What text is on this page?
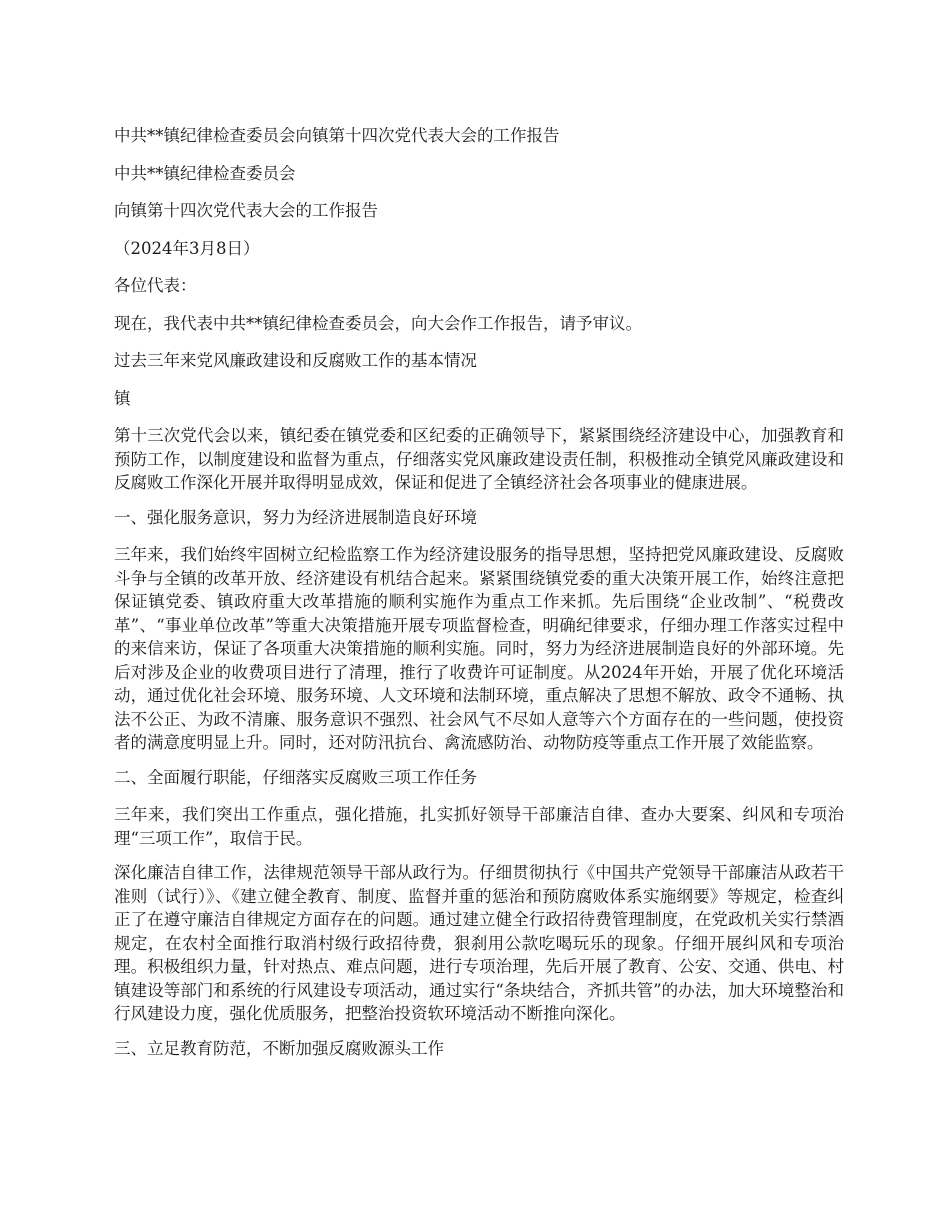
中共**镇纪律检查委员会向镇第十四次党代表大会的工作报告

中共**镇纪律检查委员会

向镇第十四次党代表大会的工作报告

（2024年3月8日）

各位代表：

现在，我代表中共**镇纪律检查委员会，向大会作工作报告，请予审议。

过去三年来党风廉政建设和反腐败工作的基本情况

镇

第十三次党代会以来，镇纪委在镇党委和区纪委的正确领导下，紧紧围绕经济建设中心，加强教育和预防工作，以制度建设和监督为重点，仔细落实党风廉政建设责任制，积极推动全镇党风廉政建设和反腐败工作深化开展并取得明显成效，保证和促进了全镇经济社会各项事业的健康进展。

一、强化服务意识，努力为经济进展制造良好环境

三年来，我们始终牢固树立纪检监察工作为经济建设服务的指导思想，坚持把党风廉政建设、反腐败斗争与全镇的改革开放、经济建设有机结合起来。紧紧围绕镇党委的重大决策开展工作，始终注意把保证镇党委、镇政府重大改革措施的顺利实施作为重点工作来抓。先后围绕“企业改制”、“税费改革”、“事业单位改革”等重大决策措施开展专项监督检查，明确纪律要求，仔细办理工作落实过程中的来信来访，保证了各项重大决策措施的顺利实施。同时，努力为经济进展制造良好的外部环境。先后对涉及企业的收费项目进行了清理，推行了收费许可证制度。从2024年开始，开展了优化环境活动，通过优化社会环境、服务环境、人文环境和法制环境，重点解决了思想不解放、政令不通畅、执法不公正、为政不清廉、服务意识不强烈、社会风气不尽如人意等六个方面存在的一些问题，使投资者的满意度明显上升。同时，还对防汛抗台、禽流感防治、动物防疫等重点工作开展了效能监察。

二、全面履行职能，仔细落实反腐败三项工作任务

三年来，我们突出工作重点，强化措施，扎实抓好领导干部廉洁自律、查办大要案、纠风和专项治理“三项工作”，取信于民。

深化廉洁自律工作，法律规范领导干部从政行为。仔细贯彻执行《中国共产党领导干部廉洁从政若干准则（试行）》、《建立健全教育、制度、监督并重的惩治和预防腐败体系实施纲要》等规定，检查纠正了在遵守廉洁自律规定方面存在的问题。通过建立健全行政招待费管理制度，在党政机关实行禁酒规定，在农村全面推行取消村级行政招待费，狠刹用公款吃喝玩乐的现象。仔细开展纠风和专项治理。积极组织力量，针对热点、难点问题，进行专项治理，先后开展了教育、公安、交通、供电、村镇建设等部门和系统的行风建设专项活动，通过实行“条块结合，齐抓共管”的办法，加大环境整治和行风建设力度，强化优质服务，把整治投资软环境活动不断推向深化。

三、立足教育防范，不断加强反腐败源头工作
